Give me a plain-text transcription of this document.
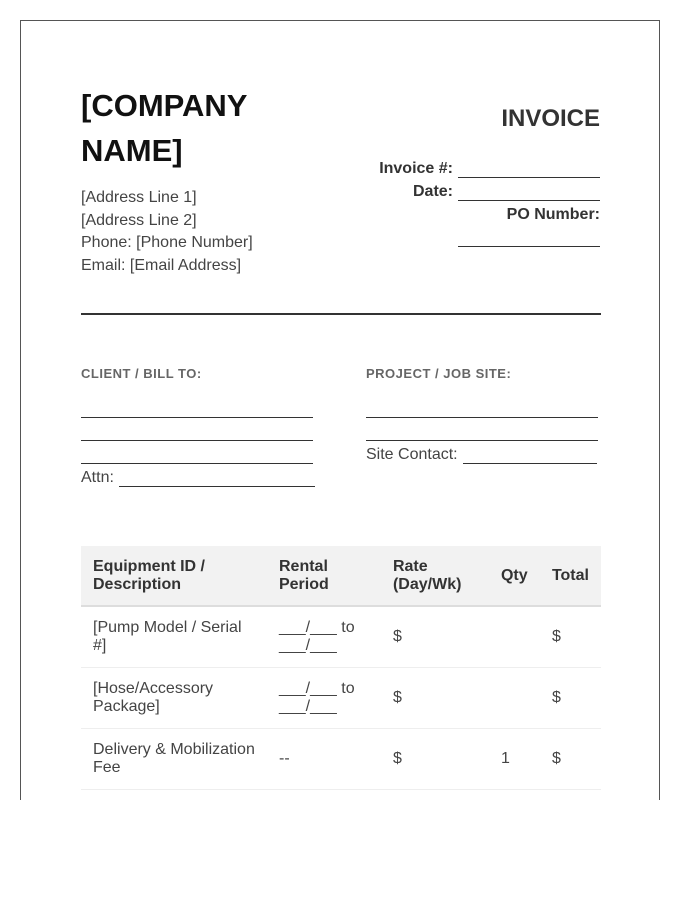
[COMPANY NAME]
[Address Line 1]
[Address Line 2]
Phone: [Phone Number]
Email: [Email Address]
INVOICE
Invoice #:
Date:
PO Number:
CLIENT / BILL TO:
Attn:
PROJECT / JOB SITE:
Site Contact:
Equipment ID / Description	Rental Period	Rate (Day/Wk)	Qty	Total
[Pump Model / Serial #]	___/___ to ___/___	$		$
[Hose/Accessory Package]	___/___ to ___/___	$		$
Delivery & Mobilization Fee	--	$	1	$
